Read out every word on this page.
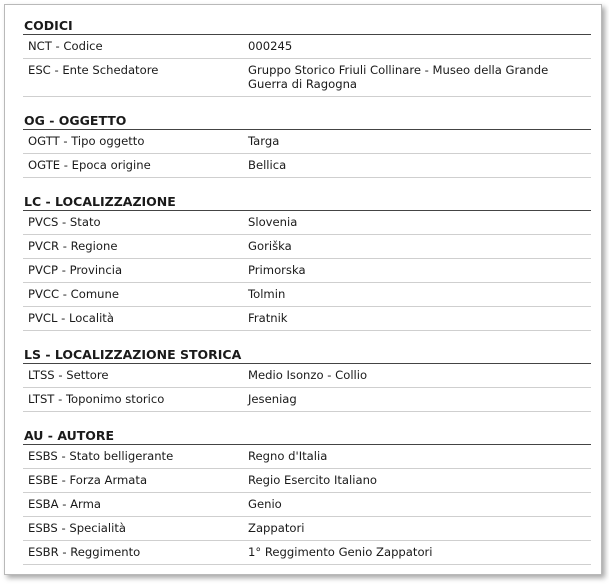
CODICI
NCT - Codice	000245
ESC - Ente Schedatore	Gruppo Storico Friuli Collinare - Museo della Grande Guerra di Ragogna
OG - OGGETTO
OGTT - Tipo oggetto	Targa
OGTE - Epoca origine	Bellica
LC - LOCALIZZAZIONE
PVCS - Stato	Slovenia
PVCR - Regione	Goriška
PVCP - Provincia	Primorska
PVCC - Comune	Tolmin
PVCL - Località	Fratnik
LS - LOCALIZZAZIONE STORICA
LTSS - Settore	Medio Isonzo - Collio
LTST - Toponimo storico	Jeseniag
AU - AUTORE
ESBS - Stato belligerante	Regno d'Italia
ESBE - Forza Armata	Regio Esercito Italiano
ESBA - Arma	Genio
ESBS - Specialità	Zappatori
ESBR - Reggimento	1° Reggimento Genio Zappatori
